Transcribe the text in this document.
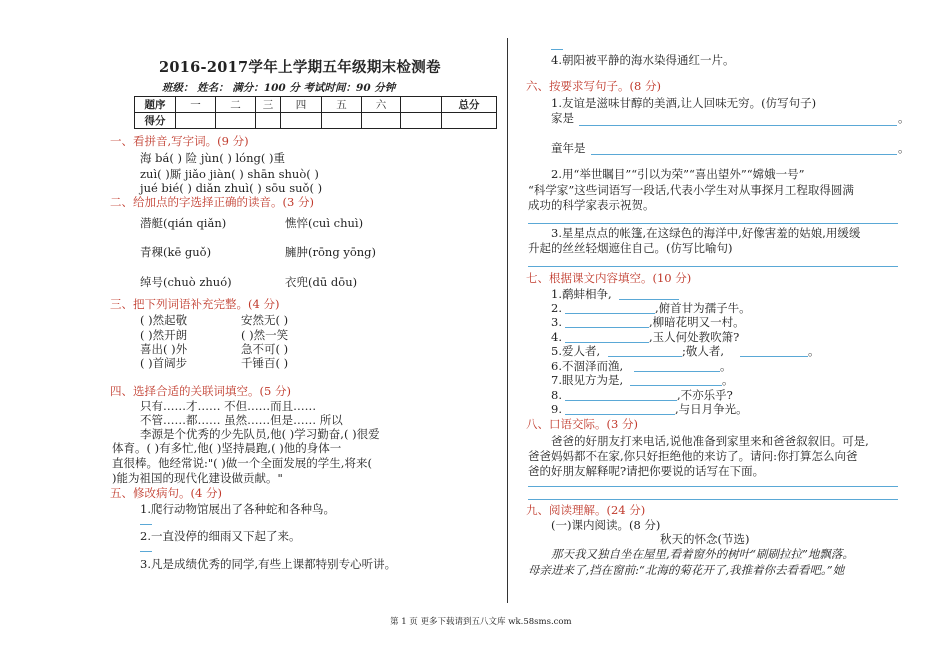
2016-2017学年上学期五年级期末检测卷
班级： 姓名： 满分：100 分 考试时间：90 分钟
题序	一	二	三	四	五	六		总分
得分								
一、看拼音,写字词。(9 分)
海 bá( ) 险 jùn( ) lóng( )重
zuì( )厮 jiǎo jiàn( ) shān shuò( )
jué bié( ) diǎn zhuì( ) sōu suǒ( )
二、给加点的字选择正确的读音。(3 分)
潜艇(qián qiǎn)	憔悴(cuì chuì)
青稞(kē guǒ)	臃肿(rōng yōng)
绰号(chuò zhuó)	衣兜(dū dōu)
三、把下列词语补充完整。(4 分)
( )然起敬	安然无( )
( )然开朗	( )然一笑
喜出( )外	急不可( )
( )首阔步	千锤百( )
四、选择合适的关联词填空。(5 分)
只有……才…… 不但……而且……
不管……都…… 虽然……但是…… 所以
李源是个优秀的少先队员,他( )学习勤奋,( )很爱
体育。( )有多忙,他( )坚持晨跑,( )他的身体一
直很棒。他经常说:"( )做一个全面发展的学生,将来(
)能为祖国的现代化建设做贡献。"
五、修改病句。(4 分)
1.爬行动物馆展出了各种蛇和各种鸟。
2.一直没停的细雨又下起了来。
3.凡是成绩优秀的同学,有些上课都特别专心听讲。
4.朝阳被平静的海水染得通红一片。
六、按要求写句子。(8 分)
1.友谊是滋味甘醇的美酒,让人回味无穷。(仿写句子)
家是	。
童年是	。
2.用“举世瞩目”“引以为荣”“喜出望外”“嫦娥一号”
“科学家”这些词语写一段话,代表小学生对从事探月工程取得圆满
成功的科学家表示祝贺。
3.星星点点的帐篷,在这绿色的海洋中,好像害羞的姑娘,用缓缓
升起的丝丝轻烟遮住自己。(仿写比喻句)
七、根据课文内容填空。(10 分)
1.鹬蚌相争,
2.	,俯首甘为孺子牛。
3.	,柳暗花明又一村。
4.	,玉人何处教吹箫?
5.爱人者,	;敬人者,	。
6.不涸泽而渔,	。
7.眼见方为是,	。
8.	,不亦乐乎?
9.	,与日月争光。
八、口语交际。(3 分)
爸爸的好朋友打来电话,说他准备到家里来和爸爸叙叙旧。可是,
爸爸妈妈都不在家,你只好拒绝他的来访了。请问:你打算怎么向爸
爸的好朋友解释呢?请把你要说的话写在下面。
九、阅读理解。(24 分)
(一)课内阅读。(8 分)
秋天的怀念(节选)
那天我又独自坐在屋里,看着窗外的树叶“刷刷拉拉”地飘落。
母亲进来了,挡在窗前:“北海的菊花开了,我推着你去看看吧。”她
第 1 页 更多下载请到五八文库 wk.58sms.com
